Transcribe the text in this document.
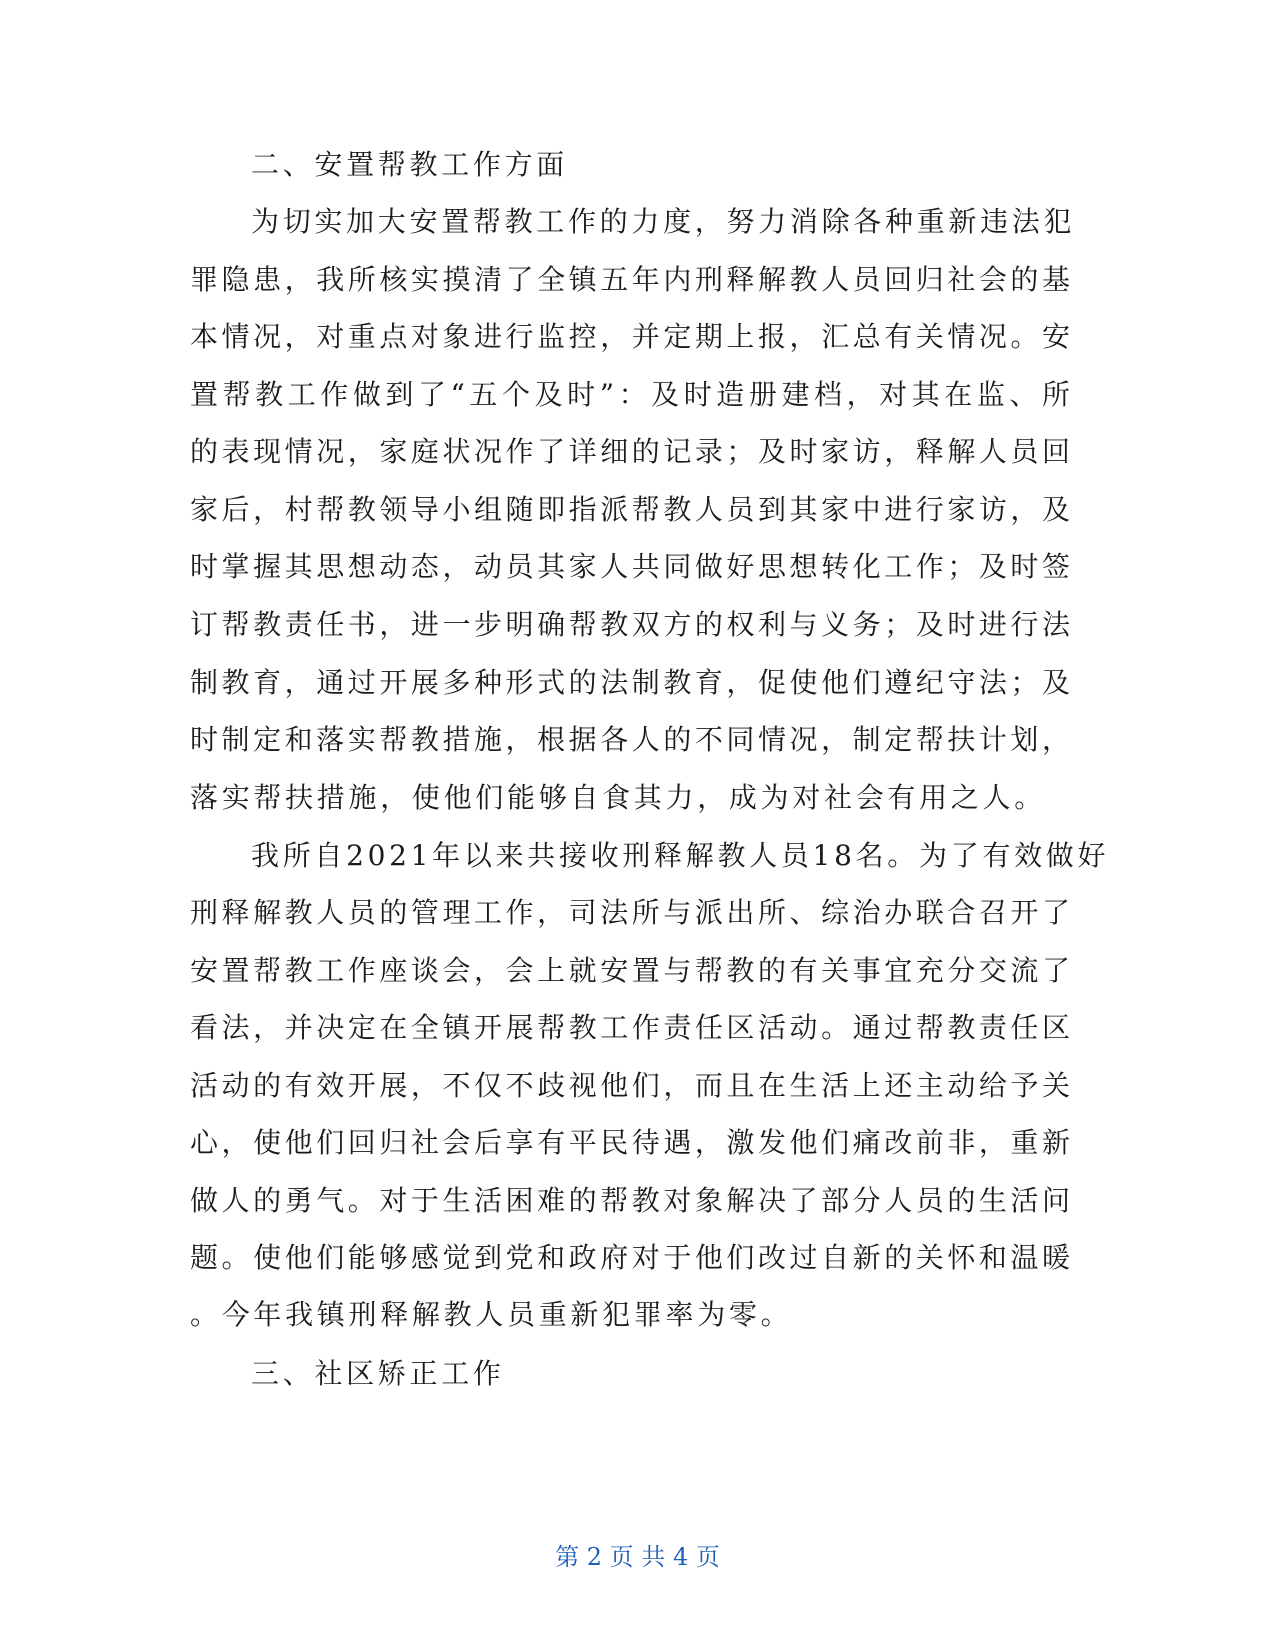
二、安置帮教工作方面
为切实加大安置帮教工作的力度，努力消除各种重新违法犯
罪隐患，我所核实摸清了全镇五年内刑释解教人员回归社会的基
本情况，对重点对象进行监控，并定期上报，汇总有关情况。安
置帮教工作做到了“五个及时”：及时造册建档，对其在监、所
的表现情况，家庭状况作了详细的记录；及时家访，释解人员回
家后，村帮教领导小组随即指派帮教人员到其家中进行家访，及
时掌握其思想动态，动员其家人共同做好思想转化工作；及时签
订帮教责任书，进一步明确帮教双方的权利与义务；及时进行法
制教育，通过开展多种形式的法制教育，促使他们遵纪守法；及
时制定和落实帮教措施，根据各人的不同情况，制定帮扶计划，
落实帮扶措施，使他们能够自食其力，成为对社会有用之人。
我所自2021年以来共接收刑释解教人员18名。为了有效做好
刑释解教人员的管理工作，司法所与派出所、综治办联合召开了
安置帮教工作座谈会，会上就安置与帮教的有关事宜充分交流了
看法，并决定在全镇开展帮教工作责任区活动。通过帮教责任区
活动的有效开展，不仅不歧视他们，而且在生活上还主动给予关
心，使他们回归社会后享有平民待遇，激发他们痛改前非，重新
做人的勇气。对于生活困难的帮教对象解决了部分人员的生活问
题。使他们能够感觉到党和政府对于他们改过自新的关怀和温暖
。今年我镇刑释解教人员重新犯罪率为零。
三、社区矫正工作
第 2 页 共 4 页
